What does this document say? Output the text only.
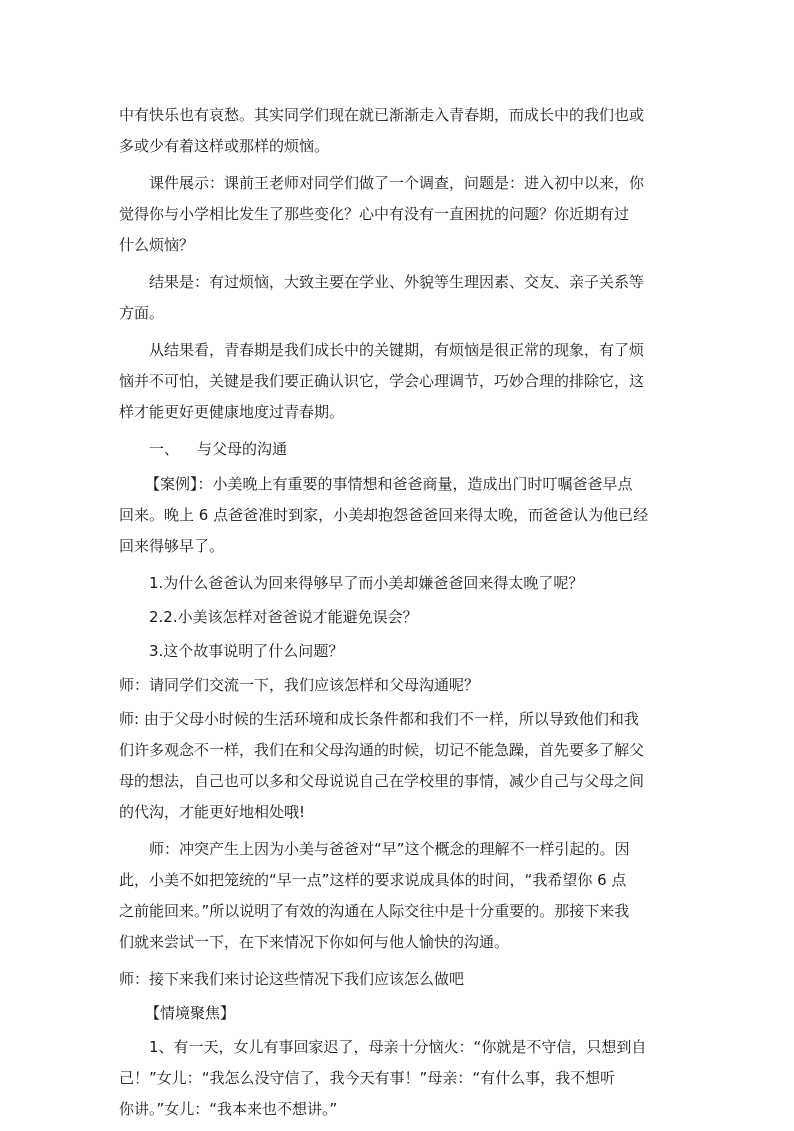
中有快乐也有哀愁。其实同学们现在就已渐渐走入青春期，而成长中的我们也或
多或少有着这样或那样的烦恼。
课件展示：课前王老师对同学们做了一个调查，问题是：进入初中以来，你
觉得你与小学相比发生了那些变化？心中有没有一直困扰的问题？你近期有过
什么烦恼？
结果是：有过烦恼，大致主要在学业、外貌等生理因素、交友、亲子关系等
方面。
从结果看，青春期是我们成长中的关键期，有烦恼是很正常的现象，有了烦
恼并不可怕，关键是我们要正确认识它，学会心理调节，巧妙合理的排除它，这
样才能更好更健康地度过青春期。
一、 与父母的沟通
【案例】：小美晚上有重要的事情想和爸爸商量，造成出门时叮嘱爸爸早点
回来。晚上 6 点爸爸准时到家，小美却抱怨爸爸回来得太晚，而爸爸认为他已经
回来得够早了。
1.为什么爸爸认为回来得够早了而小美却嫌爸爸回来得太晚了呢？
2.2.小美该怎样对爸爸说才能避免误会？
3.这个故事说明了什么问题？
师：请同学们交流一下，我们应该怎样和父母沟通呢？
师: 由于父母小时候的生活环境和成长条件都和我们不一样，所以导致他们和我
们许多观念不一样，我们在和父母沟通的时候，切记不能急躁，首先要多了解父
母的想法，自己也可以多和父母说说自己在学校里的事情，减少自己与父母之间
的代沟，才能更好地相处哦!
师：冲突产生上因为小美与爸爸对“早”这个概念的理解不一样引起的。因
此，小美不如把笼统的“早一点”这样的要求说成具体的时间，“我希望你 6 点
之前能回来。”所以说明了有效的沟通在人际交往中是十分重要的。那接下来我
们就来尝试一下，在下来情况下你如何与他人愉快的沟通。
师：接下来我们来讨论这些情况下我们应该怎么做吧
【情境聚焦】
1、有一天，女儿有事回家迟了，母亲十分恼火：“你就是不守信，只想到自
己！”女儿：“我怎么没守信了，我今天有事！”母亲：“有什么事，我不想听
你讲。”女儿：“我本来也不想讲。”
